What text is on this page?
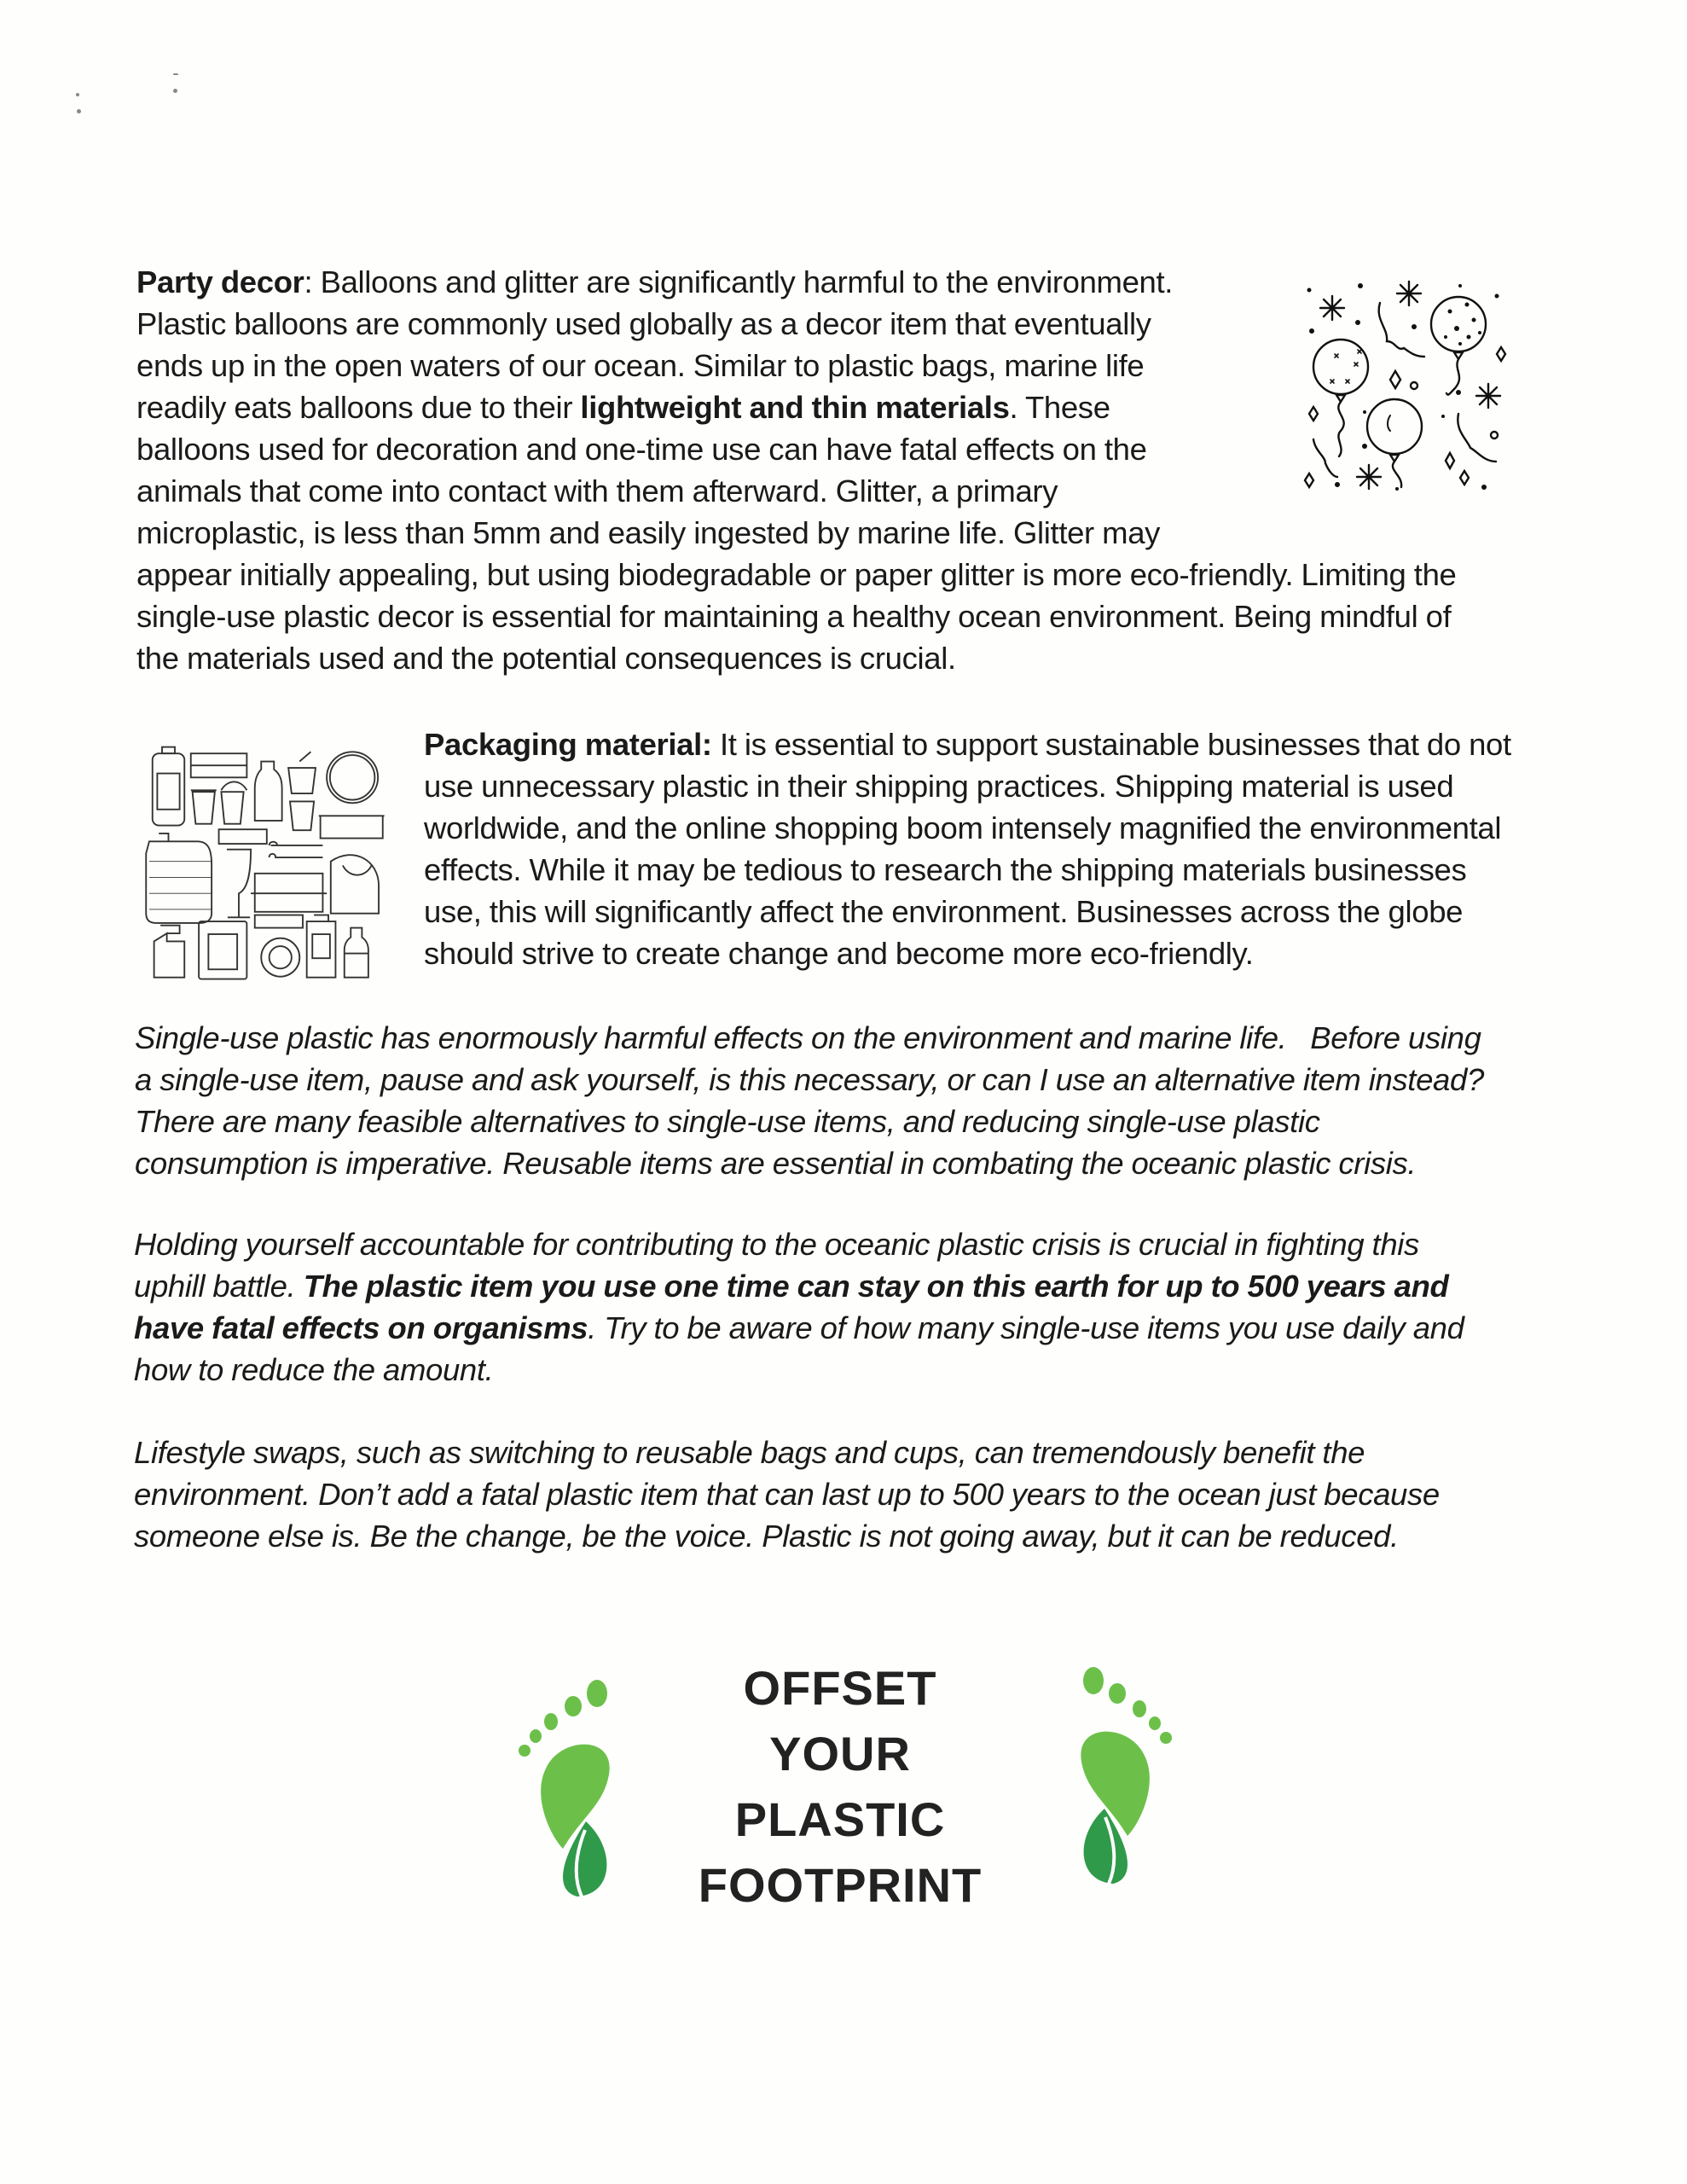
Party decor: Balloons and glitter are significantly harmful to the environment.
Plastic balloons are commonly used globally as a decor item that eventually
ends up in the open waters of our ocean. Similar to plastic bags, marine life
readily eats balloons due to their lightweight and thin materials. These
balloons used for decoration and one-time use can have fatal effects on the
animals that come into contact with them afterward. Glitter, a primary
microplastic, is less than 5mm and easily ingested by marine life. Glitter may
appear initially appealing, but using biodegradable or paper glitter is more eco-friendly. Limiting the
single-use plastic decor is essential for maintaining a healthy ocean environment. Being mindful of
the materials used and the potential consequences is crucial.
Packaging material: It is essential to support sustainable businesses that do not
use unnecessary plastic in their shipping practices. Shipping material is used
worldwide, and the online shopping boom intensely magnified the environmental
effects. While it may be tedious to research the shipping materials businesses
use, this will significantly affect the environment. Businesses across the globe
should strive to create change and become more eco-friendly.
Single-use plastic has enormously harmful effects on the environment and marine life.   Before using
a single-use item, pause and ask yourself, is this necessary, or can I use an alternative item instead?
There are many feasible alternatives to single-use items, and reducing single-use plastic
consumption is imperative. Reusable items are essential in combating the oceanic plastic crisis.
Holding yourself accountable for contributing to the oceanic plastic crisis is crucial in fighting this
uphill battle. The plastic item you use one time can stay on this earth for up to 500 years and
have fatal effects on organisms. Try to be aware of how many single-use items you use daily and
how to reduce the amount.
Lifestyle swaps, such as switching to reusable bags and cups, can tremendously benefit the
environment. Don’t add a fatal plastic item that can last up to 500 years to the ocean just because
someone else is. Be the change, be the voice. Plastic is not going away, but it can be reduced.
OFFSET
YOUR
PLASTIC
FOOTPRINT
